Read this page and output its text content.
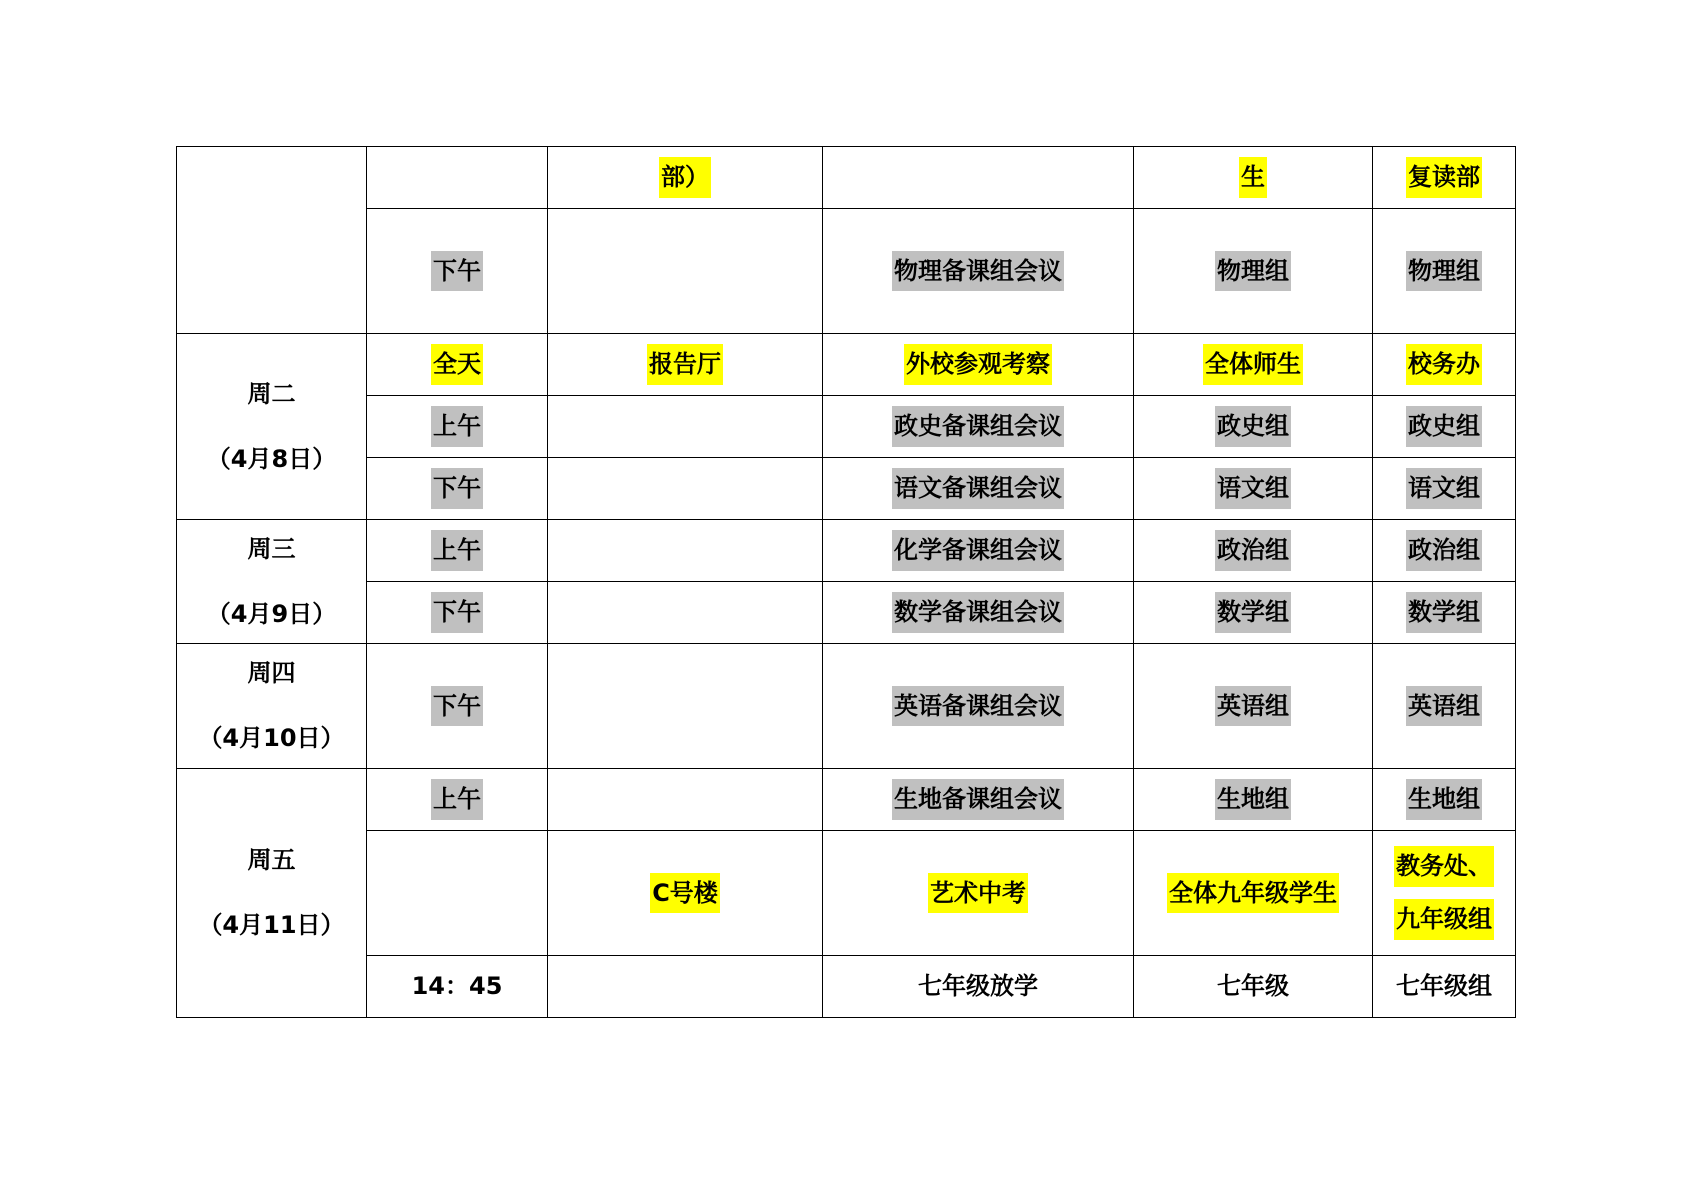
		部）		生	复读部
	下午		物理备课组会议	物理组	物理组

周二
（4月8日）	全天	报告厅	外校参观考察	全体师生	校务办
	上午		政史备课组会议	政史组	政史组
	下午		语文备课组会议	语文组	语文组

周三
（4月9日）	上午		化学备课组会议	政治组	政治组
	下午		数学备课组会议	数学组	数学组

周四
（4月10日）	下午		英语备课组会议	英语组	英语组

周五
（4月11日）	上午		生地备课组会议	生地组	生地组
		C号楼	艺术中考	全体九年级学生	教务处、
九年级组

	14：45		七年级放学	七年级	七年级组
